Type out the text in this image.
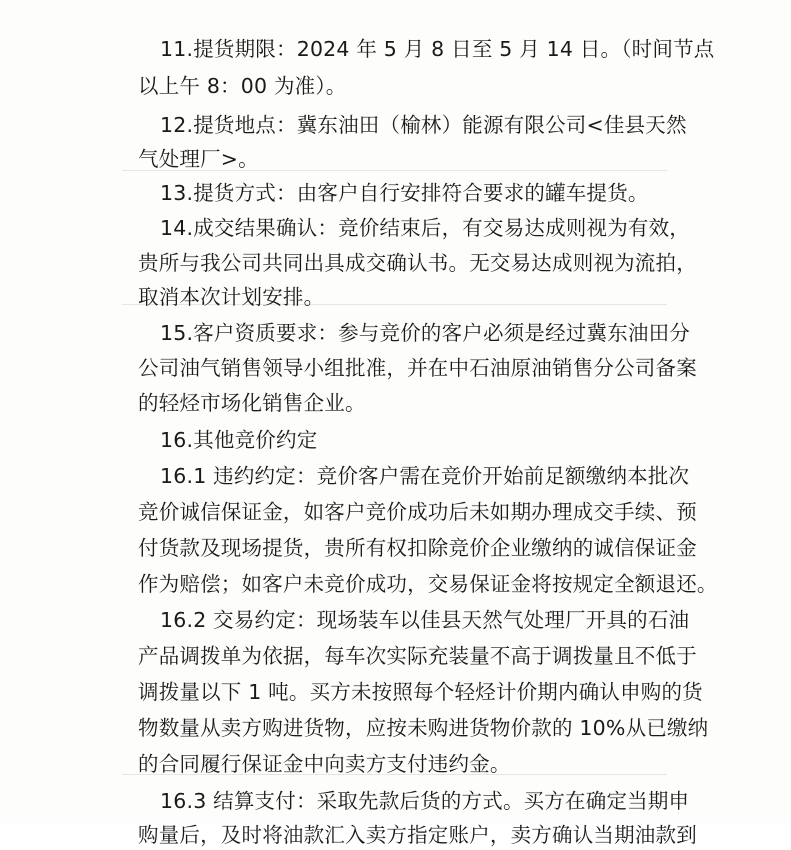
11.提货期限：2024 年 5 月 8 日至 5 月 14 日。（时间节点
以上午 8：00 为准）。
12.提货地点：冀东油田（榆林）能源有限公司<佳县天然
气处理厂>。
13.提货方式：由客户自行安排符合要求的罐车提货。
14.成交结果确认：竞价结束后，有交易达成则视为有效，
贵所与我公司共同出具成交确认书。无交易达成则视为流拍，
取消本次计划安排。
15.客户资质要求：参与竞价的客户必须是经过冀东油田分
公司油气销售领导小组批准，并在中石油原油销售分公司备案
的轻烃市场化销售企业。
16.其他竞价约定
16.1 违约约定：竞价客户需在竞价开始前足额缴纳本批次
竞价诚信保证金，如客户竞价成功后未如期办理成交手续、预
付货款及现场提货，贵所有权扣除竞价企业缴纳的诚信保证金
作为赔偿；如客户未竞价成功，交易保证金将按规定全额退还。
16.2 交易约定：现场装车以佳县天然气处理厂开具的石油
产品调拨单为依据，每车次实际充装量不高于调拨量且不低于
调拨量以下 1 吨。买方未按照每个轻烃计价期内确认申购的货
物数量从卖方购进货物，应按未购进货物价款的 10%从已缴纳
的合同履行保证金中向卖方支付违约金。
16.3 结算支付：采取先款后货的方式。买方在确定当期申
购量后，及时将油款汇入卖方指定账户，卖方确认当期油款到
